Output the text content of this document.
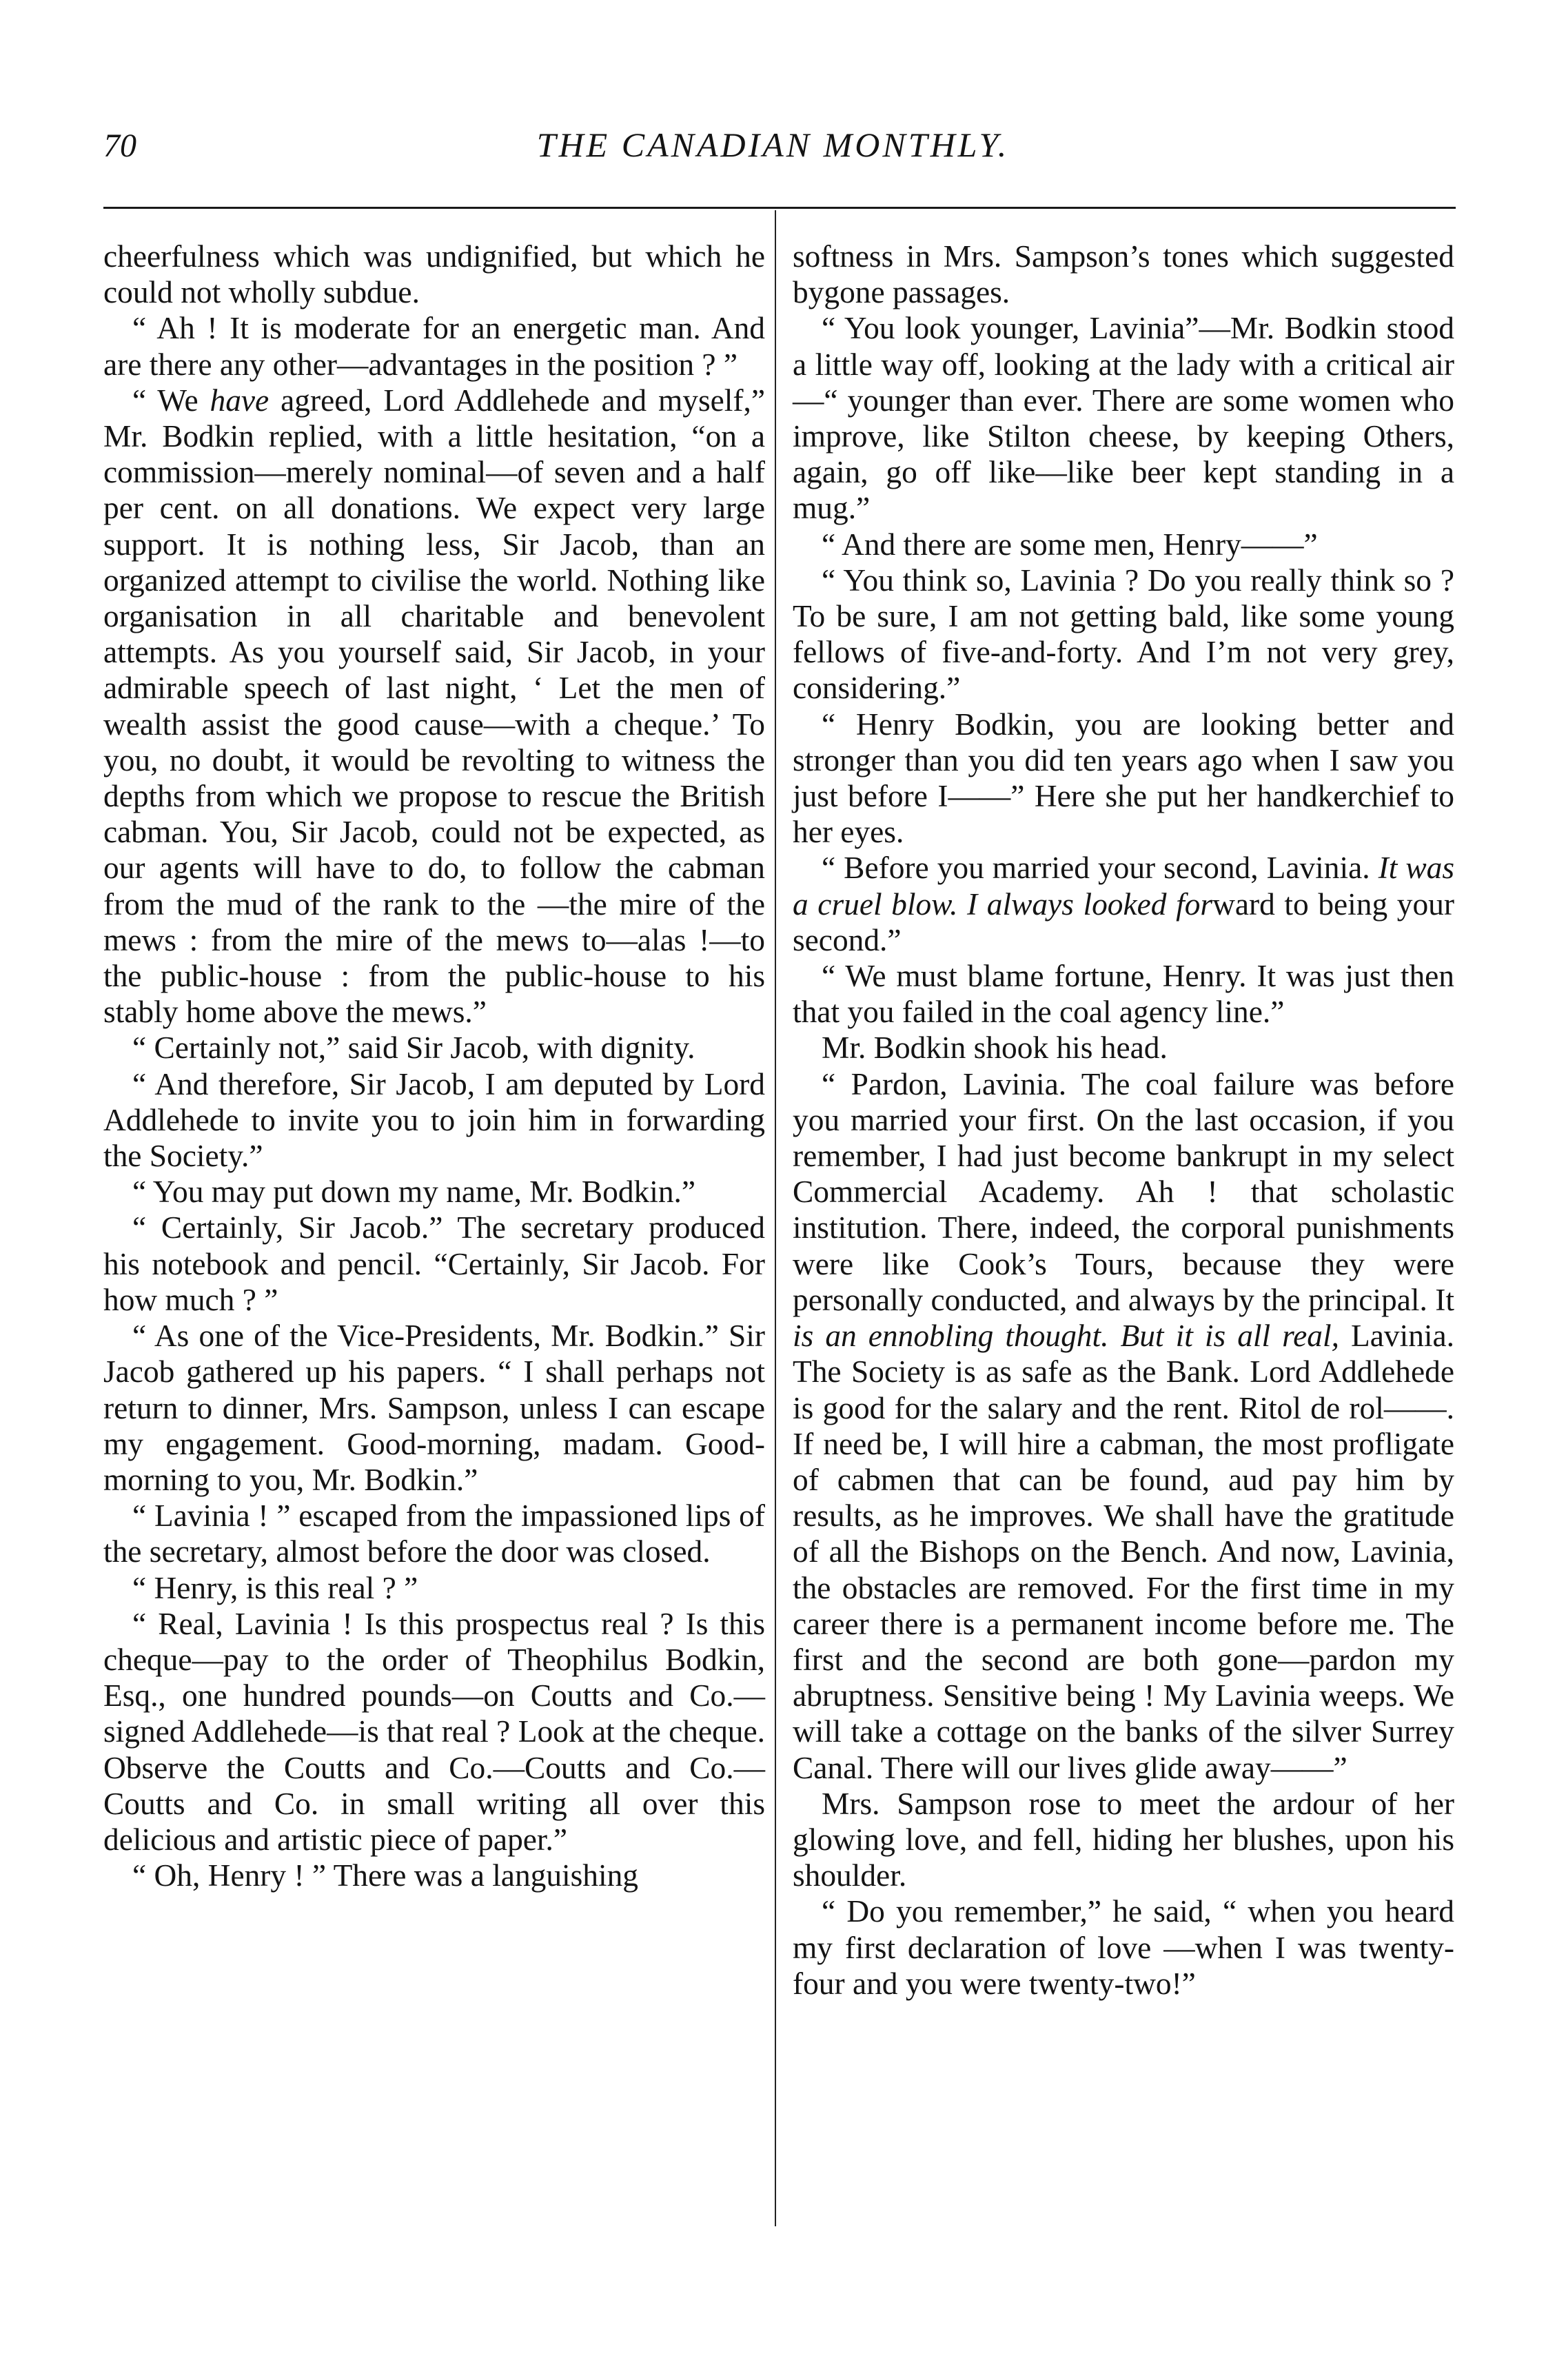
70	THE CANADIAN MONTHLY.

cheerfulness which was undignified, but which he could not wholly subdue.

“ Ah ! It is moderate for an energetic man. And are there any other—advantages in the position ? ”

“ We have agreed, Lord Addlehede and myself,” Mr. Bodkin replied, with a little hesitation, “on a commission—merely nominal—of seven and a half per cent. on all donations. We expect very large support. It is nothing less, Sir Jacob, than an organized attempt to civilise the world. Nothing like organisation in all charitable and benevolent attempts. As you yourself said, Sir Jacob, in your admirable speech of last night, ‘ Let the men of wealth assist the good cause—with a cheque.’ To you, no doubt, it would be revolting to witness the depths from which we propose to rescue the British cabman. You, Sir Jacob, could not be expected, as our agents will have to do, to follow the cabman from the mud of the rank to the —the mire of the mews : from the mire of the mews to—alas !—to the public-house : from the public-house to his stably home above the mews.”

“ Certainly not,” said Sir Jacob, with dignity.

“ And therefore, Sir Jacob, I am deputed by Lord Addlehede to invite you to join him in forwarding the Society.”

“ You may put down my name, Mr. Bodkin.”

“ Certainly, Sir Jacob.” The secretary produced his notebook and pencil. “Certainly, Sir Jacob. For how much ? ”

“ As one of the Vice-Presidents, Mr. Bodkin.” Sir Jacob gathered up his papers. “ I shall perhaps not return to dinner, Mrs. Sampson, unless I can escape my engagement. Good-morning, madam. Good-morning to you, Mr. Bodkin.”

“ Lavinia ! ” escaped from the impassioned lips of the secretary, almost before the door was closed.

“ Henry, is this real ? ”

“ Real, Lavinia ! Is this prospectus real ? Is this cheque—pay to the order of Theophilus Bodkin, Esq., one hundred pounds—on Coutts and Co.—signed Addlehede—is that real ? Look at the cheque. Observe the Coutts and Co.—Coutts and Co.—Coutts and Co. in small writing all over this delicious and artistic piece of paper.”

“ Oh, Henry ! ” There was a languishing

softness in Mrs. Sampson’s tones which suggested bygone passages.

“ You look younger, Lavinia”—Mr. Bodkin stood a little way off, looking at the lady with a critical air—“ younger than ever. There are some women who improve, like Stilton cheese, by keeping Others, again, go off like—like beer kept standing in a mug.”

“ And there are some men, Henry——”

“ You think so, Lavinia ? Do you really think so ? To be sure, I am not getting bald, like some young fellows of five-and-forty. And I’m not very grey, considering.”

“ Henry Bodkin, you are looking better and stronger than you did ten years ago when I saw you just before I——” Here she put her handkerchief to her eyes.

“ Before you married your second, Lavinia. It was a cruel blow. I always looked forward to being your second.”

“ We must blame fortune, Henry. It was just then that you failed in the coal agency line.”

Mr. Bodkin shook his head.

“ Pardon, Lavinia. The coal failure was before you married your first. On the last occasion, if you remember, I had just become bankrupt in my select Commercial Academy. Ah ! that scholastic institution. There, indeed, the corporal punishments were like Cook’s Tours, because they were personally conducted, and always by the principal. It is an ennobling thought. But it is all real, Lavinia. The Society is as safe as the Bank. Lord Addlehede is good for the salary and the rent. Ritol de rol——. If need be, I will hire a cabman, the most profligate of cabmen that can be found, aud pay him by results, as he improves. We shall have the gratitude of all the Bishops on the Bench. And now, Lavinia, the obstacles are removed. For the first time in my career there is a permanent income before me. The first and the second are both gone—pardon my abruptness. Sensitive being ! My Lavinia weeps. We will take a cottage on the banks of the silver Surrey Canal. There will our lives glide away——”

Mrs. Sampson rose to meet the ardour of her glowing love, and fell, hiding her blushes, upon his shoulder.

“ Do you remember,” he said, “ when you heard my first declaration of love —when I was twenty-four and you were twenty-two!”
